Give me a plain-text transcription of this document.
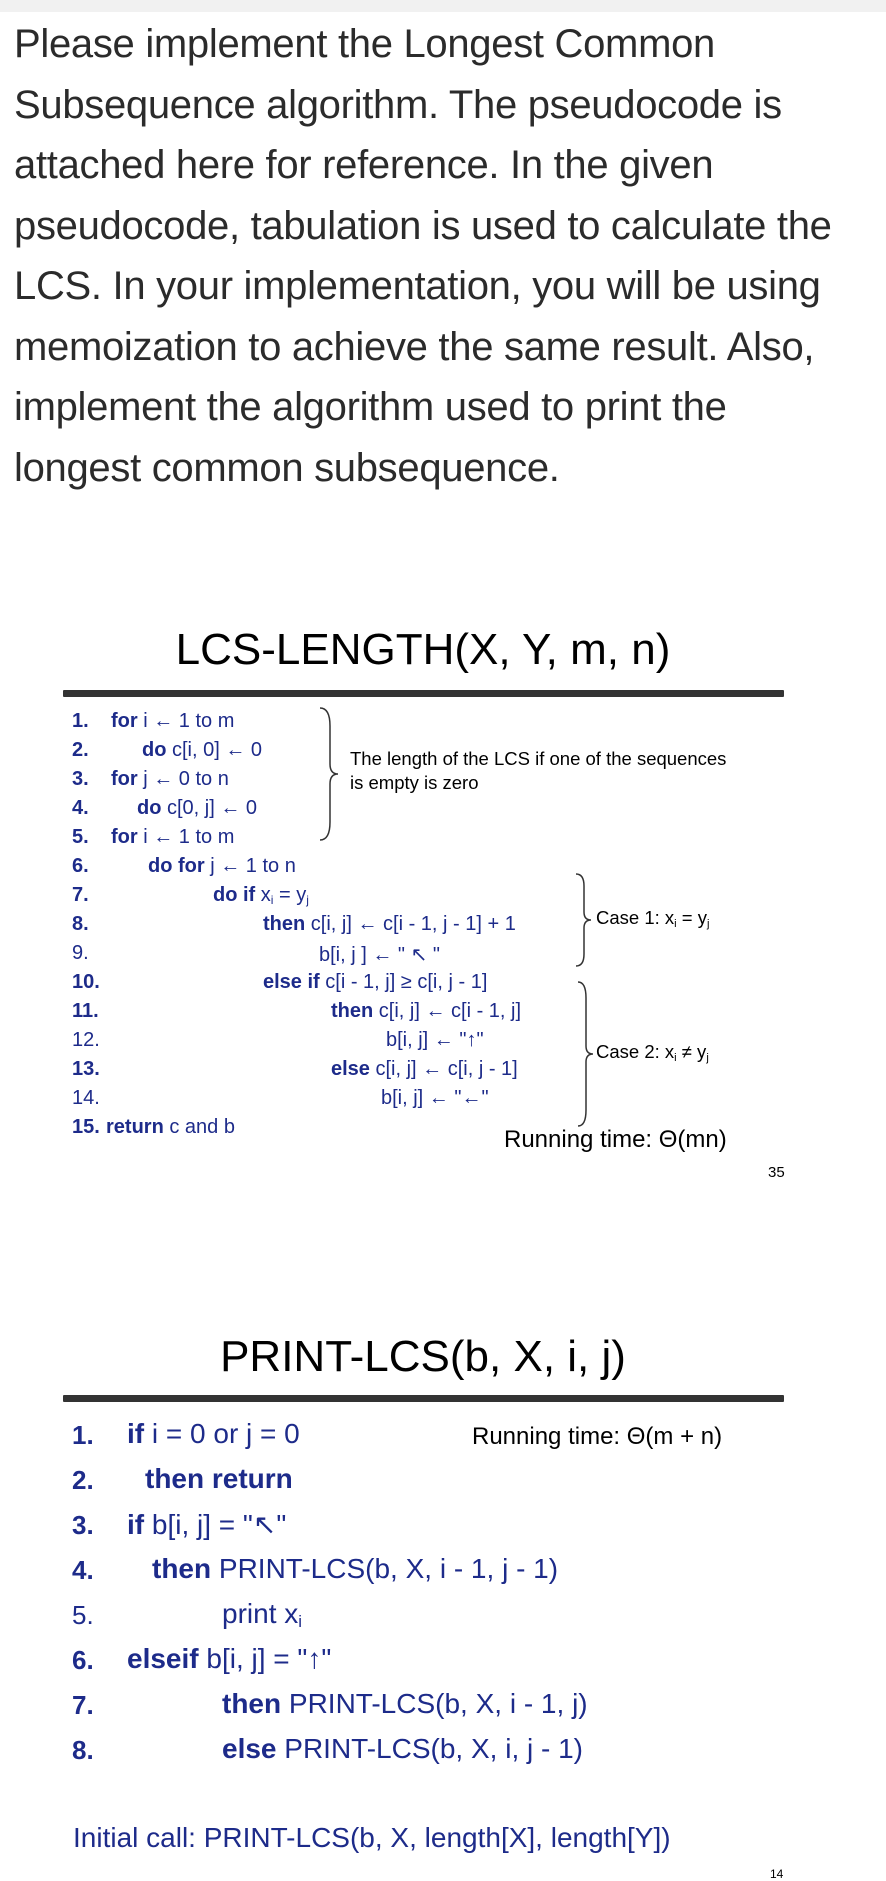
Please implement the Longest Common
Subsequence algorithm. The pseudocode is
attached here for reference. In the given
pseudocode, tabulation is used to calculate the
LCS. In your implementation, you will be using
memoization to achieve the same result. Also,
implement the algorithm used to print the
longest common subsequence.
LCS-LENGTH(X, Y, m, n)
1.
2.
3.
4.
5.
6.
7.
8.
9.
10.
11.
12.
13.
14.
15.
for i ← 1 to m
do c[i, 0] ← 0
for j ← 0 to n
do c[0, j] ← 0
for i ← 1 to m
do for j ← 1 to n
do if $x_i = y_j$
then c[i, j] ← c[i - 1, j - 1] + 1
b[i, j ] ← " ↖ "
else if c[i - 1, j] ≥ c[i, j - 1]
then c[i, j] ← c[i - 1, j]
b[i, j] ← "↑"
else c[i, j] ← c[i, j - 1]
b[i, j] ← "←"
return c and b
The length of the LCS if one of the sequences
is empty is zero
Case 1: $x_i = y_j$
Case 2: $x_i \ne y_j$
Running time: Θ(mn)
35
PRINT-LCS(b, X, i, j)
1.
2.
3.
4.
5.
6.
7.
8.
if i = 0 or j = 0
then return
if b[i, j] = "↖"
then PRINT-LCS(b, X, i - 1, j - 1)
print $x_i$
elseif b[i, j] = "↑"
then PRINT-LCS(b, X, i - 1, j)
else PRINT-LCS(b, X, i, j - 1)
Running time: Θ(m + n)
Initial call: PRINT-LCS(b, X, length[X], length[Y])
14
